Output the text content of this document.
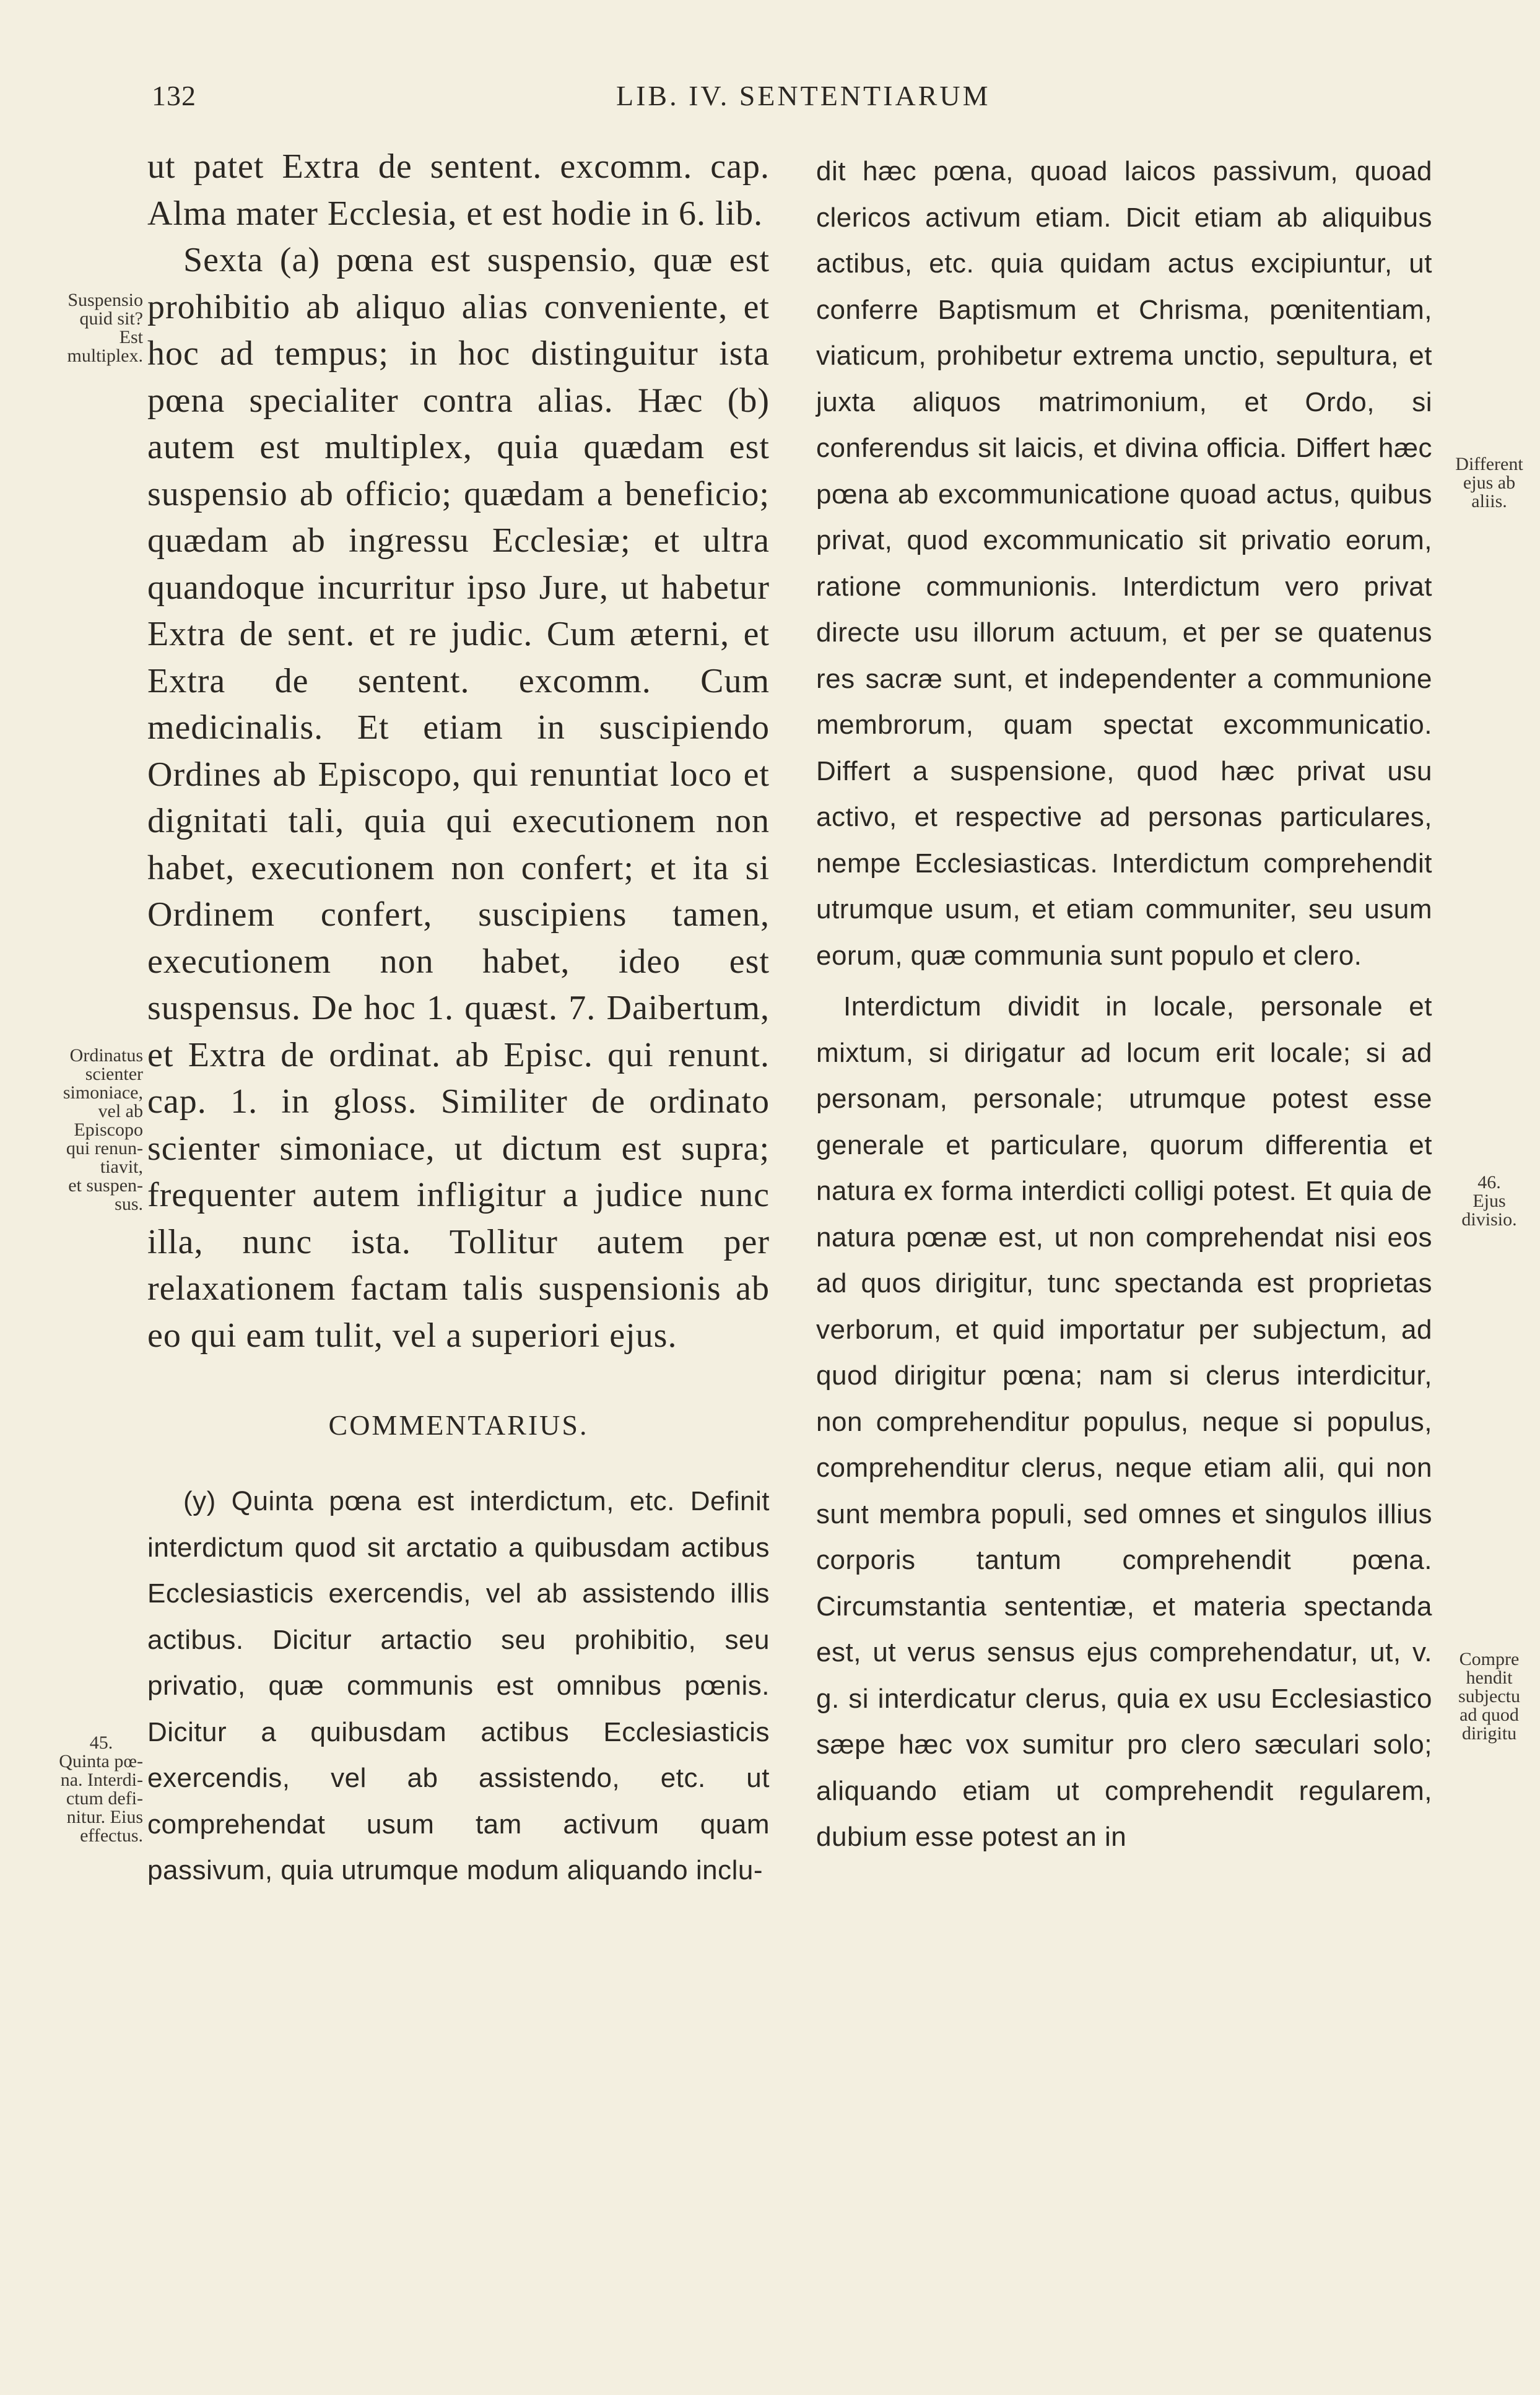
132	LIB. IV. SENTENTIARUM

ut patet Extra de sentent. excomm. cap. Alma mater Ecclesia, et est hodie in 6. lib.

Sexta (a) pœna est suspensio, quæ est prohibitio ab aliquo alias conveniente, et hoc ad tempus; in hoc distinguitur ista pœna specialiter contra alias. Hæc (b) autem est multiplex, quia quædam est suspensio ab officio; quædam a beneficio; quædam ab ingressu Ecclesiæ; et ultra quandoque incurritur ipso Jure, ut habetur Extra de sent. et re judic. Cum æterni, et Extra de sentent. excomm. Cum medicinalis. Et etiam in suscipiendo Ordines ab Episcopo, qui renuntiat loco et dignitati tali, quia qui executionem non habet, executionem non confert; et ita si Ordinem confert, suscipiens tamen, executionem non habet, ideo est suspensus. De hoc 1. quæst. 7. Daibertum, et Extra de ordinat. ab Episc. qui renunt. cap. 1. in gloss. Similiter de ordinato scienter simoniace, ut dictum est supra; frequenter autem infligitur a judice nunc illa, nunc ista. Tollitur autem per relaxationem factam talis suspensionis ab eo qui eam tulit, vel a superiori ejus.

COMMENTARIUS.

(y) Quinta pœna est interdictum, etc. Definit interdictum quod sit arctatio a quibusdam actibus Ecclesiasticis exercendis, vel ab assistendo illis actibus. Dicitur artactio seu prohibitio, seu privatio, quæ communis est omnibus pœnis. Dicitur a quibusdam actibus Ecclesiasticis exercendis, vel ab assistendo, etc. ut comprehendat usum tam activum quam passivum, quia utrumque modum aliquando inclu-

dit hæc pœna, quoad laicos passivum, quoad clericos activum etiam. Dicit etiam ab aliquibus actibus, etc. quia quidam actus excipiuntur, ut conferre Baptismum et Chrisma, pœnitentiam, viaticum, prohibetur extrema unctio, sepultura, et juxta aliquos matrimonium, et Ordo, si conferendus sit laicis, et divina officia. Differt hæc pœna ab excommunicatione quoad actus, quibus privat, quod excommunicatio sit privatio eorum, ratione communionis. Interdictum vero privat directe usu illorum actuum, et per se quatenus res sacræ sunt, et independenter a communione membrorum, quam spectat excommunicatio. Differt a suspensione, quod hæc privat usu activo, et respective ad personas particulares, nempe Ecclesiasticas. Interdictum comprehendit utrumque usum, et etiam communiter, seu usum eorum, quæ communia sunt populo et clero.

Interdictum dividit in locale, personale et mixtum, si dirigatur ad locum erit locale; si ad personam, personale; utrumque potest esse generale et particulare, quorum differentia et natura ex forma interdicti colligi potest. Et quia de natura pœnæ est, ut non comprehendat nisi eos ad quos dirigitur, tunc spectanda est proprietas verborum, et quid importatur per subjectum, ad quod dirigitur pœna; nam si clerus interdicitur, non comprehenditur populus, neque si populus, comprehenditur clerus, neque etiam alii, qui non sunt membra populi, sed omnes et singulos illius corporis tantum comprehendit pœna. Circumstantia sententiæ, et materia spectanda est, ut verus sensus ejus comprehendatur, ut, v. g. si interdicatur clerus, quia ex usu Ecclesiastico sæpe hæc vox sumitur pro clero sæculari solo; aliquando etiam ut comprehendit regularem, dubium esse potest an in

Suspensio
quid sit?
Est
multiplex.
Ordinatus
scienter
simoniace,
vel ab
Episcopo
qui renun-
tiavit,
et suspen-
sus.
45.
Quinta pœ-
na. Interdi-
ctum defi-
nitur. Eius
effectus.
Different
ejus ab
aliis.
46.
Ejus
divisio.
Compre
hendit
subjectu
ad quod
dirigitu
